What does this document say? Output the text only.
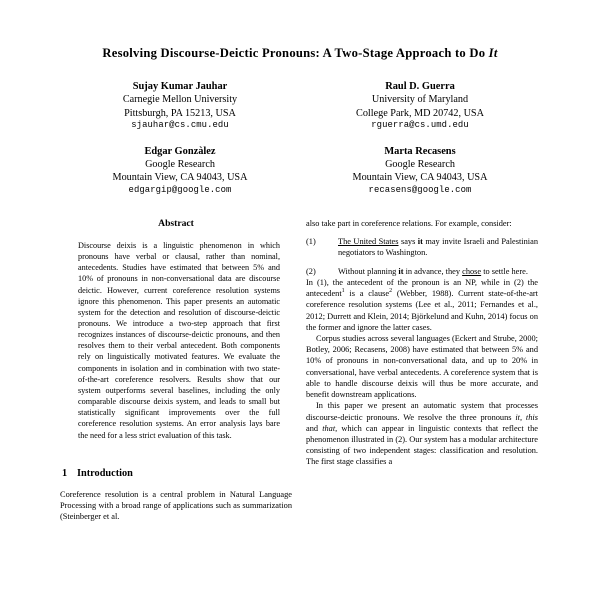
Resolving Discourse-Deictic Pronouns: A Two-Stage Approach to Do It
Sujay Kumar Jauhar
Carnegie Mellon University
Pittsburgh, PA 15213, USA
sjauhar@cs.cmu.edu
Raul D. Guerra
University of Maryland
College Park, MD 20742, USA
rguerra@cs.umd.edu
Edgar Gonzàlez
Google Research
Mountain View, CA 94043, USA
edgargip@google.com
Marta Recasens
Google Research
Mountain View, CA 94043, USA
recasens@google.com
Abstract
Discourse deixis is a linguistic phenomenon in which pronouns have verbal or clausal, rather than nominal, antecedents. Studies have estimated that between 5% and 10% of pronouns in non-conversational data are discourse deictic. However, current coreference resolution systems ignore this phenomenon. This paper presents an automatic system for the detection and resolution of discourse-deictic pronouns. We introduce a two-step approach that first recognizes instances of discourse-deictic pronouns, and then resolves them to their verbal antecedent. Both components rely on linguistically motivated features. We evaluate the components in isolation and in combination with two state-of-the-art coreference resolvers. Results show that our system outperforms several baselines, including the only comparable discourse deixis system, and leads to small but statistically significant improvements over the full coreference resolution systems. An error analysis lays bare the need for a less strict evaluation of this task.
1 Introduction

Coreference resolution is a central problem in Natural Language Processing with a broad range of applications such as summarization (Steinberger et al.

also take part in coreference relations. For example, consider:

(1)	The United States says it may invite Israeli and Palestinian negotiators to Washington.
(2)	Without planning it in advance, they chose to settle here.

In (1), the antecedent of the pronoun is an NP, while in (2) the antecedent$^1$ is a clause$^2$ (Webber, 1988). Current state-of-the-art coreference resolution systems (Lee et al., 2011; Fernandes et al., 2012; Durrett and Klein, 2014; Björkelund and Kuhn, 2014) focus on the former and ignore the latter cases.

Corpus studies across several languages (Eckert and Strube, 2000; Botley, 2006; Recasens, 2008) have estimated that between 5% and 10% of pronouns in non-conversational data, and up to 20% in conversational, have verbal antecedents. A coreference system that is able to handle discourse deixis will thus be more accurate, and benefit downstream applications.

In this paper we present an automatic system that processes discourse-deictic pronouns. We resolve the three pronouns it, this and that, which can appear in linguistic contexts that reflect the phenomenon illustrated in (2). Our system has a modular architecture consisting of two independent stages: classification and resolution. The first stage classifies a
